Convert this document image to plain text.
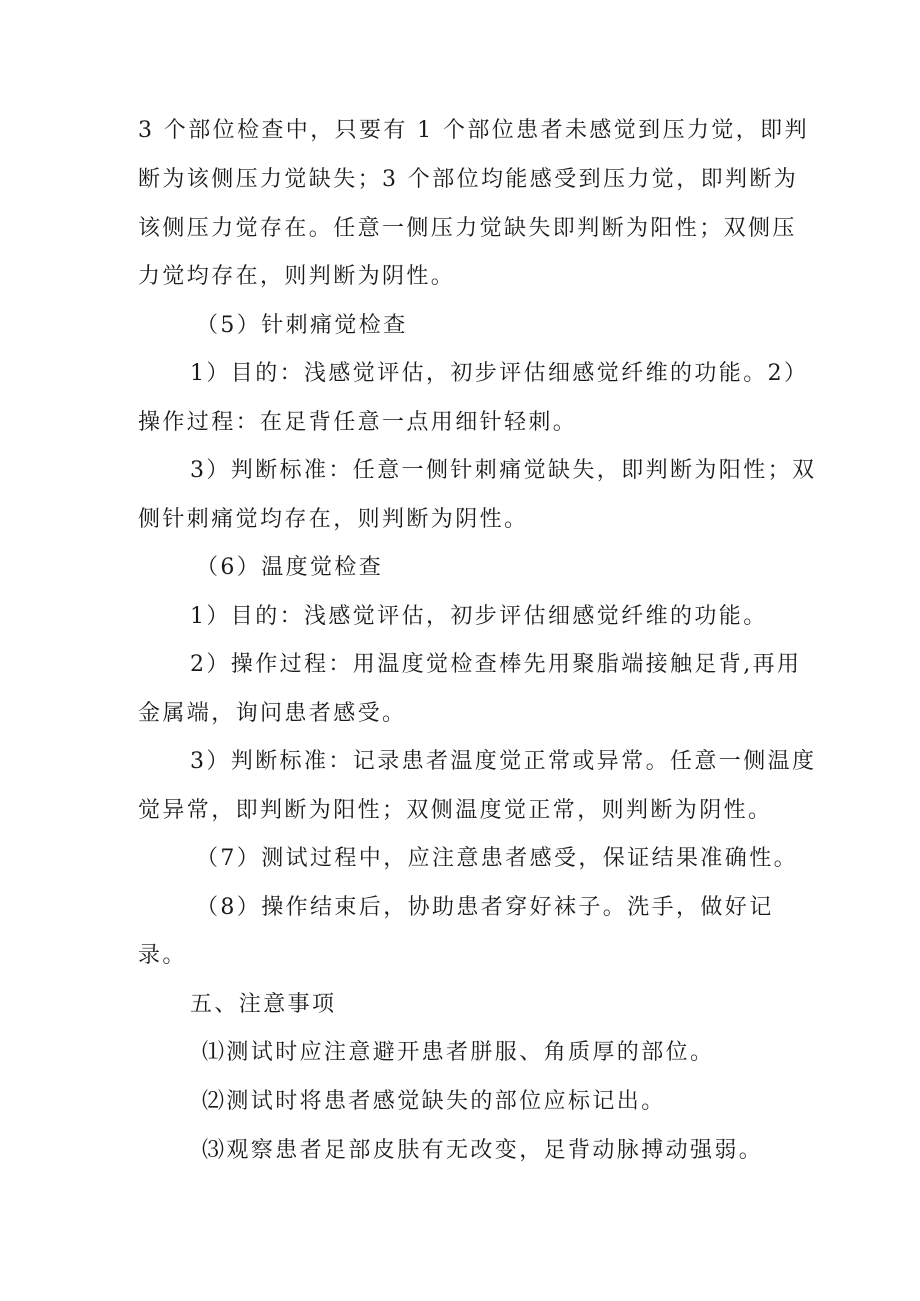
3 个部位检查中，只要有 1 个部位患者未感觉到压力觉，即判
断为该侧压力觉缺失；3 个部位均能感受到压力觉，即判断为
该侧压力觉存在。任意一侧压力觉缺失即判断为阳性；双侧压
力觉均存在，则判断为阴性。
（5）针刺痛觉检查
1）目的：浅感觉评估，初步评估细感觉纤维的功能。2）
操作过程：在足背任意一点用细针轻刺。
3）判断标准：任意一侧针刺痛觉缺失，即判断为阳性；双
侧针刺痛觉均存在，则判断为阴性。
（6）温度觉检查
1）目的：浅感觉评估，初步评估细感觉纤维的功能。
2）操作过程：用温度觉检查棒先用聚脂端接触足背,再用
金属端，询问患者感受。
3）判断标准：记录患者温度觉正常或异常。任意一侧温度
觉异常，即判断为阳性；双侧温度觉正常，则判断为阴性。
（7）测试过程中，应注意患者感受，保证结果准确性。
（8）操作结束后，协助患者穿好袜子。洗手，做好记
录。
五、注意事项
⑴测试时应注意避开患者胼服、角质厚的部位。
⑵测试时将患者感觉缺失的部位应标记出。
⑶观察患者足部皮肤有无改变，足背动脉搏动强弱。
